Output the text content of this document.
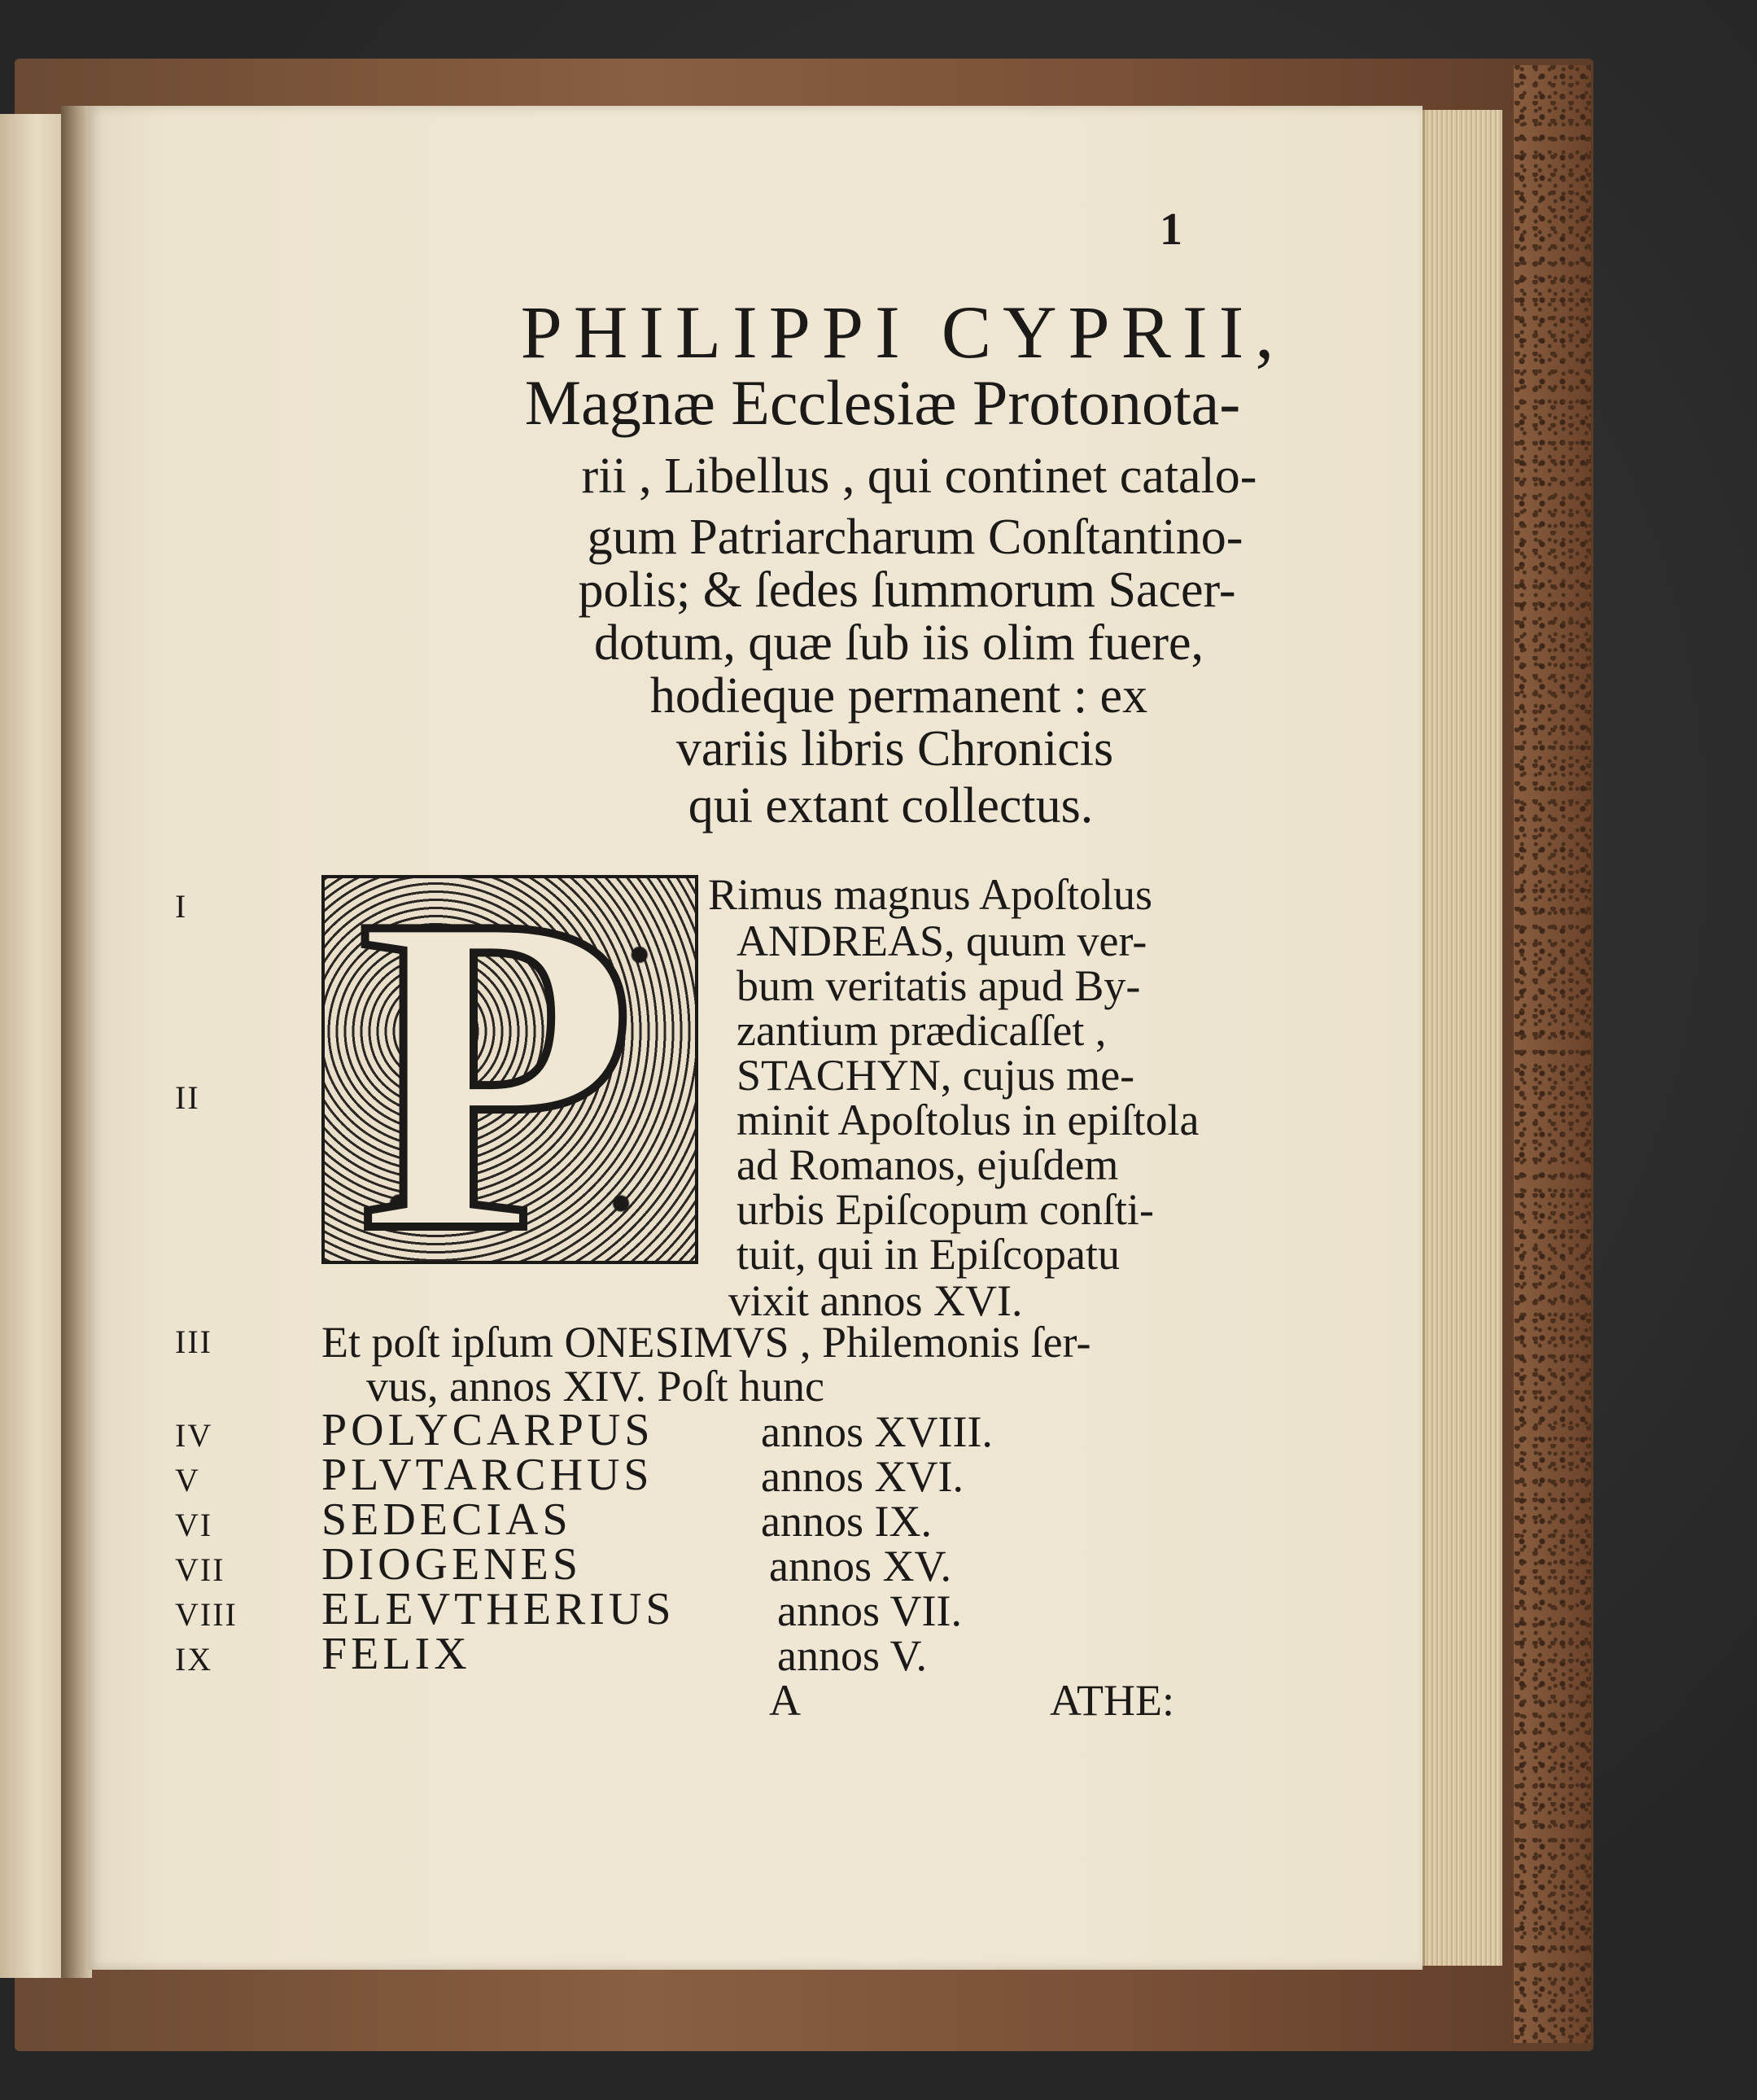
1
PHILIPPI CYPRII,
Magnæ Ecclesiæ Protonota-
rii , Libellus , qui continet catalo-
gum Patriarcharum Conſtantino-
polis; & ſedes ſummorum Sacer-
dotum, quæ ſub iis olim fuere,
hodieque permanent : ex
variis libris Chronicis
qui extant collectus.
P
I
II
Rimus magnus Apoſtolus
ANDREAS, quum ver-
bum veritatis apud By-
zantium prædicaſſet ,
STACHYN, cujus me-
minit Apoſtolus in epiſtola
ad Romanos, ejuſdem
urbis Epiſcopum conſti-
tuit, qui in Epiſcopatu
vixit annos XVI.
III Et poſt ipſum ONESIMVS , Philemonis ſer-
vus, annos XIV. Poſt hunc
IV POLYCARPUS annos XVIII.
V	PLVTARCHUS annos XVI.
VI SEDECIAS	annos IX.
VII DIOGENES	annos XV.
VIII ELEVTHERIUS annos VII.
IX FELIX	annos V.
A	ATHE:
